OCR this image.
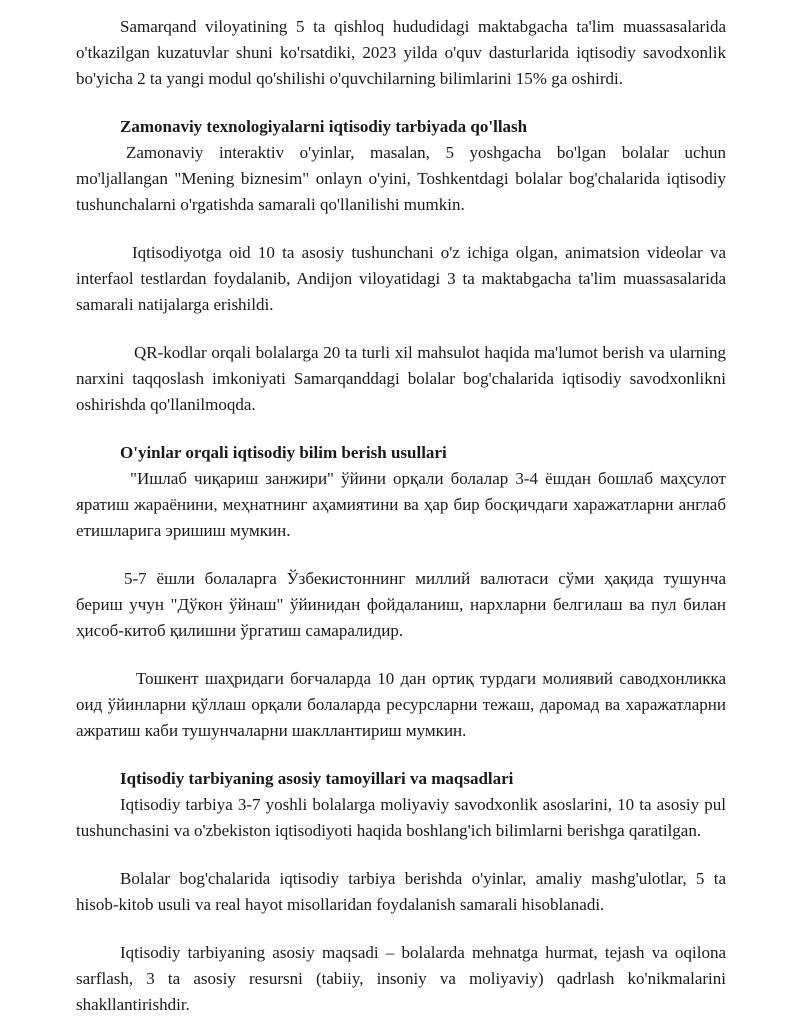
Samarqand viloyatining 5 ta qishloq hududidagi maktabgacha ta'lim muassasalarida o'tkazilgan kuzatuvlar shuni ko'rsatdiki, 2023 yilda o'quv dasturlarida iqtisodiy savodxonlik bo'yicha 2 ta yangi modul qo'shilishi o'quvchilarning bilimlarini 15% ga oshirdi.

Zamonaviy texnologiyalarni iqtisodiy tarbiyada qo'llash

Zamonaviy interaktiv o'yinlar, masalan, 5 yoshgacha bo'lgan bolalar uchun mo'ljallangan "Mening biznesim" onlayn o'yini, Toshkentdagi bolalar bog'chalarida iqtisodiy tushunchalarni o'rgatishda samarali qo'llanilishi mumkin.

Iqtisodiyotga oid 10 ta asosiy tushunchani o'z ichiga olgan, animatsion videolar va interfaol testlardan foydalanib, Andijon viloyatidagi 3 ta maktabgacha ta'lim muassasalarida samarali natijalarga erishildi.

QR-kodlar orqali bolalarga 20 ta turli xil mahsulot haqida ma'lumot berish va ularning narxini taqqoslash imkoniyati Samarqanddagi bolalar bog'chalarida iqtisodiy savodxonlikni oshirishda qo'llanilmoqda.

O'yinlar orqali iqtisodiy bilim berish usullari

"Ишлаб чиқариш занжири" ўйини орқали болалар 3-4 ёшдан бошлаб маҳсулот яратиш жараёнини, меҳнатнинг аҳамиятини ва ҳар бир босқичдаги харажатларни англаб етишларига эришиш мумкин.

5-7 ёшли болаларга Ўзбекистоннинг миллий валютаси сўми ҳақида тушунча бериш учун "Дўкон ўйнаш" ўйинидан фойдаланиш, нархларни белгилаш ва пул билан ҳисоб-китоб қилишни ўргатиш самаралидир.

Тошкент шаҳридаги боғчаларда 10 дан ортиқ турдаги молиявий саводхонликка оид ўйинларни қўллаш орқали болаларда ресурсларни тежаш, даромад ва харажатларни ажратиш каби тушунчаларни шакллантириш мумкин.

Iqtisodiy tarbiyaning asosiy tamoyillari va maqsadlari

Iqtisodiy tarbiya 3-7 yoshli bolalarga moliyaviy savodxonlik asoslarini, 10 ta asosiy pul tushunchasini va o'zbekiston iqtisodiyoti haqida boshlang'ich bilimlarni berishga qaratilgan.

Bolalar bog'chalarida iqtisodiy tarbiya berishda o'yinlar, amaliy mashg'ulotlar, 5 ta hisob-kitob usuli va real hayot misollaridan foydalanish samarali hisoblanadi.

Iqtisodiy tarbiyaning asosiy maqsadi – bolalarda mehnatga hurmat, tejash va oqilona sarflash, 3 ta asosiy resursni (tabiiy, insoniy va moliyaviy) qadrlash ko'nikmalarini shakllantirishdir.
